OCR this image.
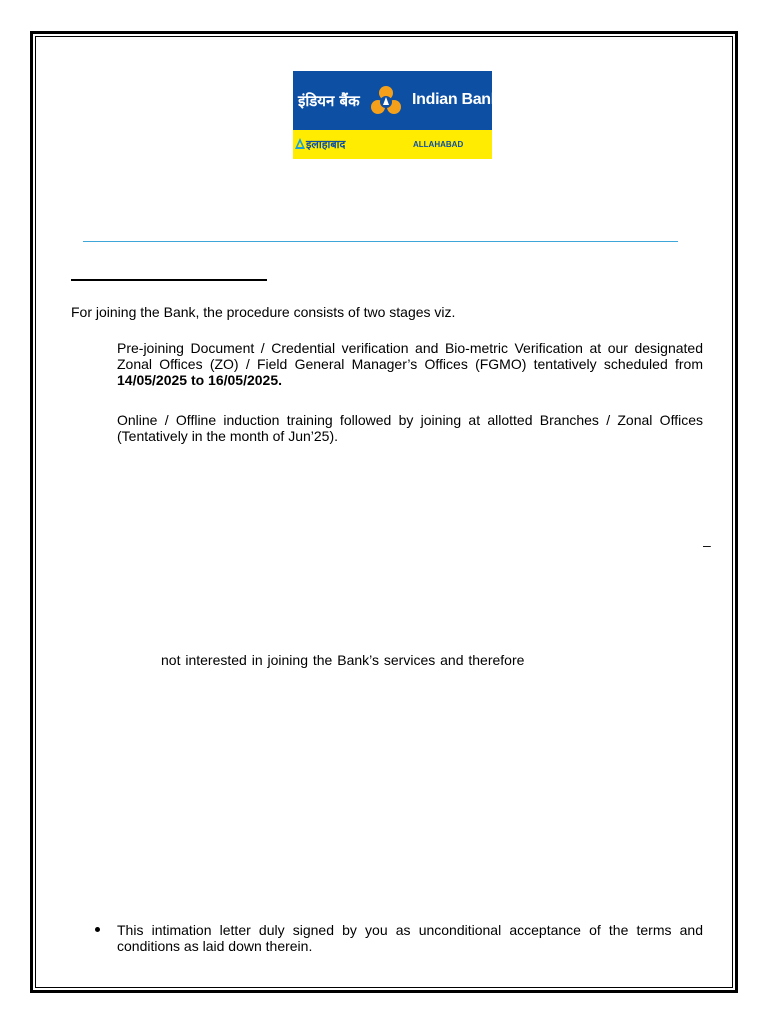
इंडियन बैंक	Indian Bank
इलाहाबाद	ALLAHABAD
For joining the Bank, the procedure consists of two stages viz.
Pre-joining Document / Credential verification and Bio-metric Verification at our designated Zonal Offices (ZO) / Field General Manager’s Offices (FGMO) tentatively scheduled from 14/05/2025 to 16/05/2025.
Online / Offline induction training followed by joining at allotted Branches / Zonal Offices (Tentatively in the month of Jun’25).
–
not interested in joining the Bank’s services and therefore
This intimation letter duly signed by you as unconditional acceptance of the terms and conditions as laid down therein.
